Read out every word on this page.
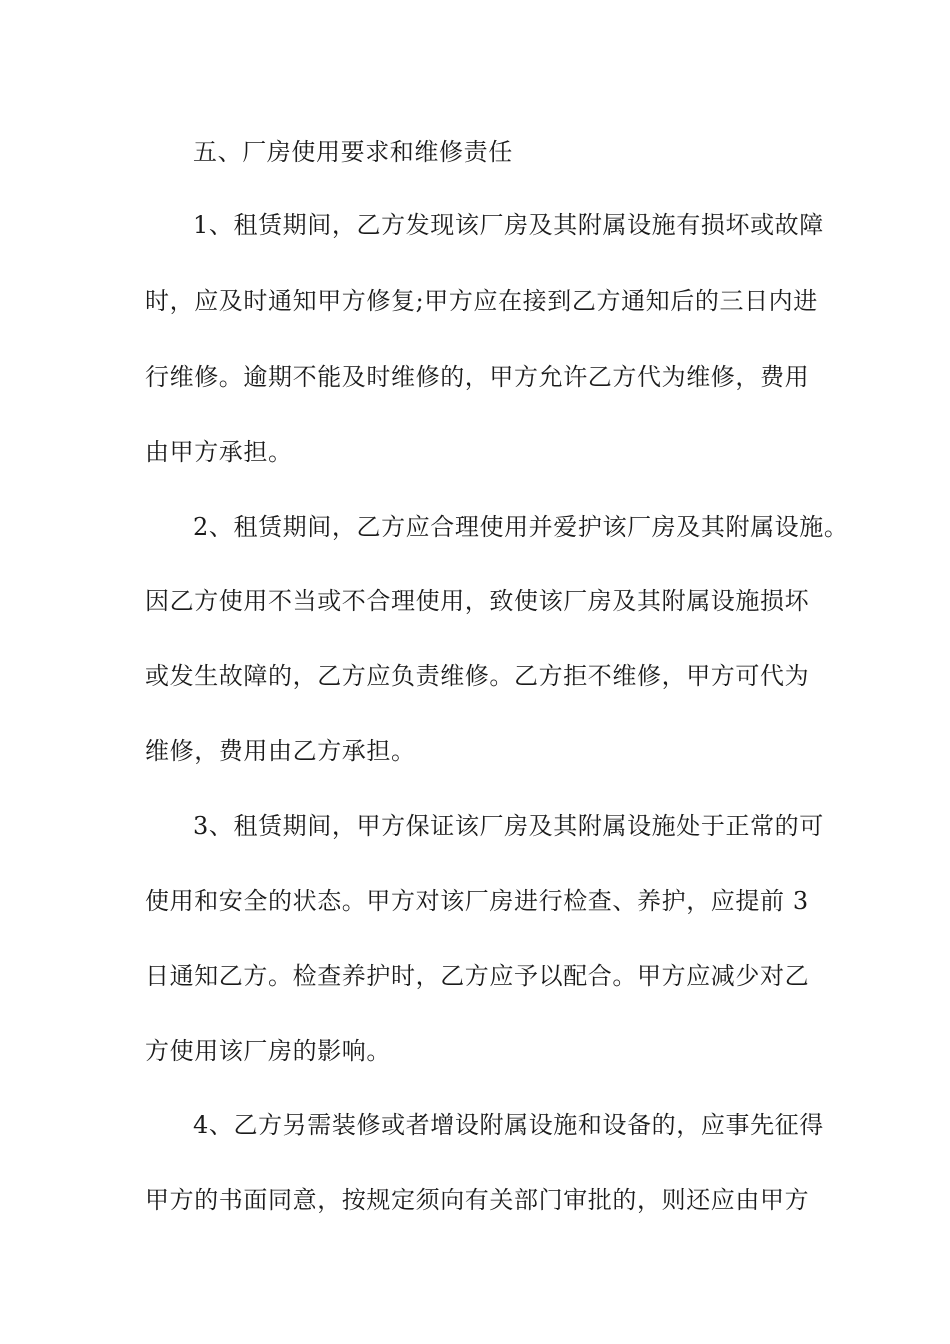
五、厂房使用要求和维修责任

1、租赁期间，乙方发现该厂房及其附属设施有损坏或故障

时，应及时通知甲方修复;甲方应在接到乙方通知后的三日内进

行维修。逾期不能及时维修的，甲方允许乙方代为维修，费用

由甲方承担。

2、租赁期间，乙方应合理使用并爱护该厂房及其附属设施。

因乙方使用不当或不合理使用，致使该厂房及其附属设施损坏

或发生故障的，乙方应负责维修。乙方拒不维修，甲方可代为

维修，费用由乙方承担。

3、租赁期间，甲方保证该厂房及其附属设施处于正常的可

使用和安全的状态。甲方对该厂房进行检查、养护，应提前 3

日通知乙方。检查养护时，乙方应予以配合。甲方应减少对乙

方使用该厂房的影响。

4、乙方另需装修或者增设附属设施和设备的，应事先征得

甲方的书面同意，按规定须向有关部门审批的，则还应由甲方
